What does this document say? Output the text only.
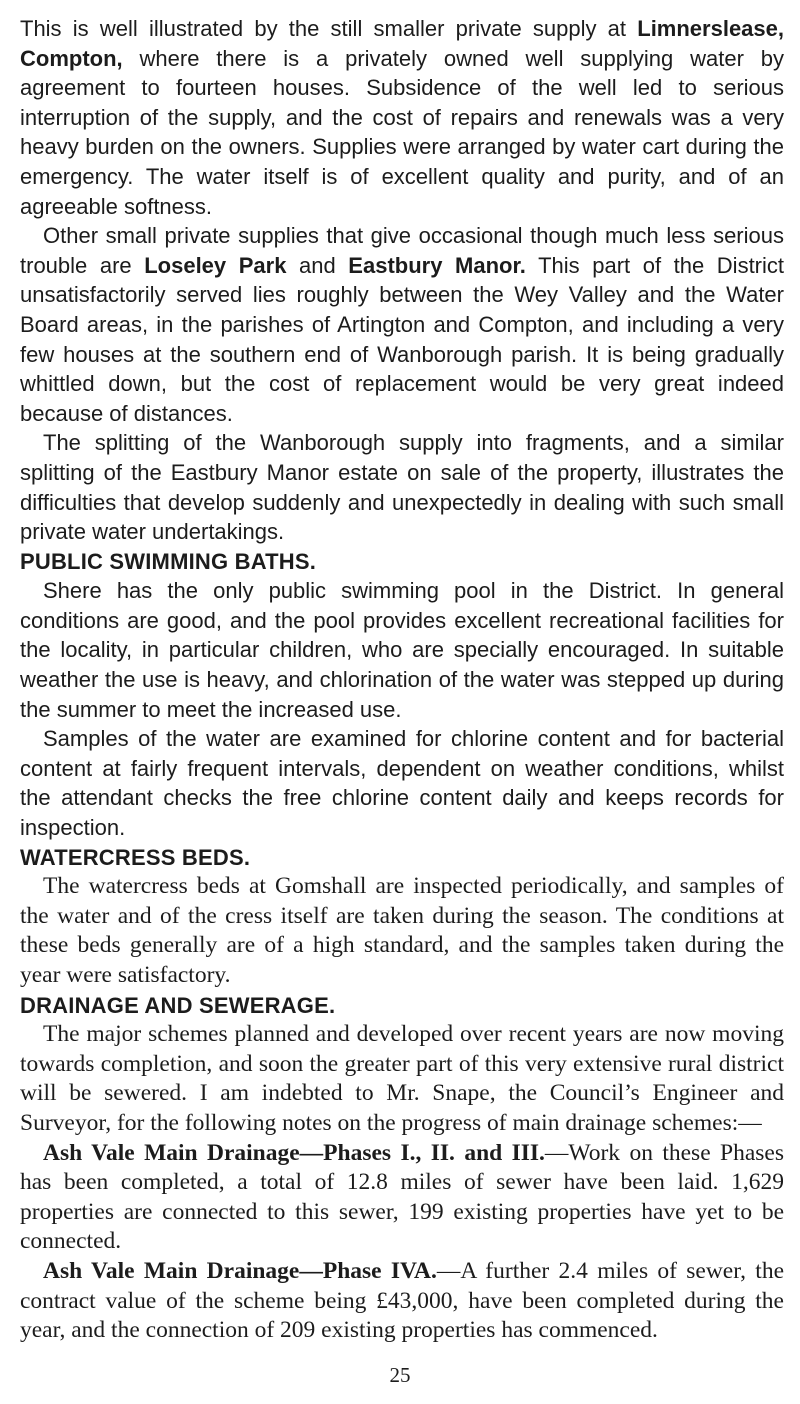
This is well illustrated by the still smaller private supply at Limnerslease, Compton, where there is a privately owned well supplying water by agreement to fourteen houses. Subsidence of the well led to serious interruption of the supply, and the cost of repairs and renewals was a very heavy burden on the owners. Supplies were arranged by water cart during the emergency. The water itself is of excellent quality and purity, and of an agreeable softness.

Other small private supplies that give occasional though much less serious trouble are Loseley Park and Eastbury Manor. This part of the District unsatisfactorily served lies roughly between the Wey Valley and the Water Board areas, in the parishes of Artington and Compton, and including a very few houses at the southern end of Wanborough parish. It is being gradually whittled down, but the cost of replacement would be very great indeed because of distances.

The splitting of the Wanborough supply into fragments, and a similar splitting of the Eastbury Manor estate on sale of the property, illustrates the difficulties that develop suddenly and unexpectedly in dealing with such small private water undertakings.

PUBLIC SWIMMING BATHS.

Shere has the only public swimming pool in the District. In general conditions are good, and the pool provides excellent recreational facilities for the locality, in particular children, who are specially encouraged. In suitable weather the use is heavy, and chlorination of the water was stepped up during the summer to meet the increased use.

Samples of the water are examined for chlorine content and for bacterial content at fairly frequent intervals, dependent on weather conditions, whilst the attendant checks the free chlorine content daily and keeps records for inspection.

WATERCRESS BEDS.

The watercress beds at Gomshall are inspected periodically, and samples of the water and of the cress itself are taken during the season. The conditions at these beds generally are of a high standard, and the samples taken during the year were satisfactory.

DRAINAGE AND SEWERAGE.

The major schemes planned and developed over recent years are now moving towards completion, and soon the greater part of this very extensive rural district will be sewered. I am indebted to Mr. Snape, the Council’s Engineer and Surveyor, for the following notes on the progress of main drainage schemes:—

Ash Vale Main Drainage—Phases I., II. and III.—Work on these Phases has been completed, a total of 12.8 miles of sewer have been laid. 1,629 properties are connected to this sewer, 199 existing properties have yet to be connected.

Ash Vale Main Drainage—Phase IVA.—A further 2.4 miles of sewer, the contract value of the scheme being £43,000, have been completed during the year, and the connection of 209 existing properties has commenced.

25
